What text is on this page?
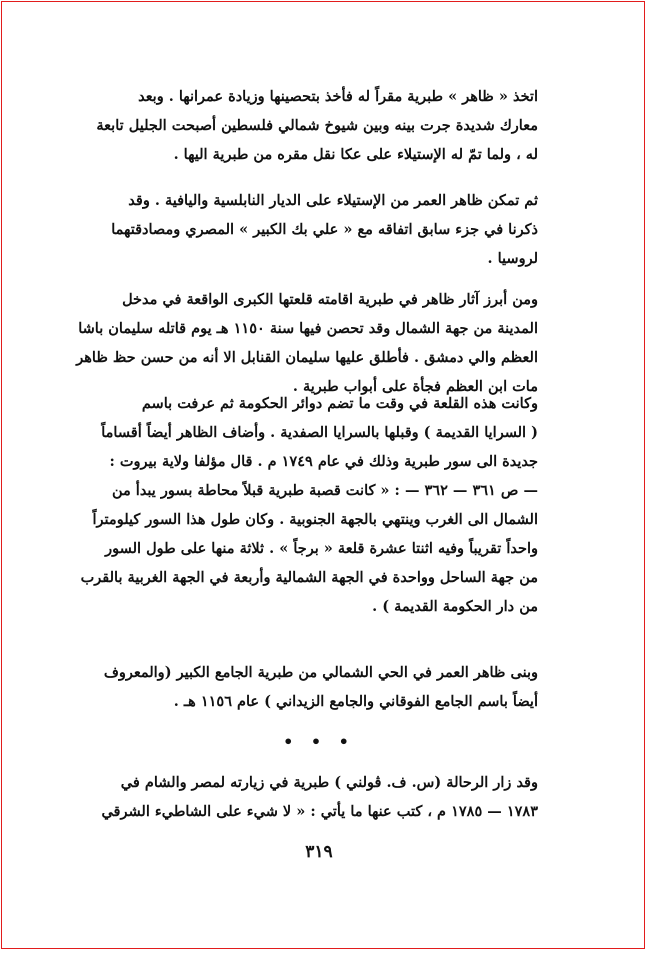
اتخذ « ظاهر » طبرية مقراً له فأخذ بتحصينها وزيادة عمرانها . وبعد
معارك شديدة جرت بينه وبين شيوخ شمالي فلسطين أصبحت الجليل تابعة
له ، ولما تمّ له الإستيلاء على عكا نقل مقره من طبرية اليها .
ثم تمكن ظاهر العمر من الإستيلاء على الديار النابلسية واليافية . وقد
ذكرنا في جزء سابق اتفاقه مع « علي بك الكبير » المصري ومصادقتهما
لروسيا .
ومن أبرز آثار ظاهر في طبرية اقامته قلعتها الكبرى الواقعة في مدخل
المدينة من جهة الشمال وقد تحصن فيها سنة ١١٥٠ هـ يوم قاتله سليمان باشا
العظم والي دمشق . فأطلق عليها سليمان القنابل الا أنه من حسن حظ ظاهر
مات ابن العظم فجأة على أبواب طبرية .
وكانت هذه القلعة في وقت ما تضم دوائر الحكومة ثم عرفت باسم
( السرايا القديمة ) وقبلها بالسرايا الصفدية . وأضاف الظاهر أيضاً أقساماً
جديدة الى سور طبرية وذلك في عام ١٧٤٩ م . قال مؤلفا ولاية بيروت :
— ص ٣٦١ — ٣٦٢ — : « كانت قصبة طبرية قبلاً محاطة بسور يبدأ من
الشمال الى الغرب وينتهي بالجهة الجنوبية . وكان طول هذا السور كيلومتراً
واحداً تقريباً وفيه اثنتا عشرة قلعة « برجاً » . ثلاثة منها على طول السور
من جهة الساحل وواحدة في الجهة الشمالية وأربعة في الجهة الغربية بالقرب
من دار الحكومة القديمة ) .
وبنى ظاهر العمر في الحي الشمالي من طبرية الجامع الكبير (والمعروف
أيضاً باسم الجامع الفوقاني والجامع الزيداني ) عام ١١٥٦ هـ .
• • •
وقد زار الرحالة (س. ف. ڤولني ) طبرية في زيارته لمصر والشام في
١٧٨٣ — ١٧٨٥ م ، كتب عنها ما يأتي : « لا شيء على الشاطيء الشرقي
٣١٩
